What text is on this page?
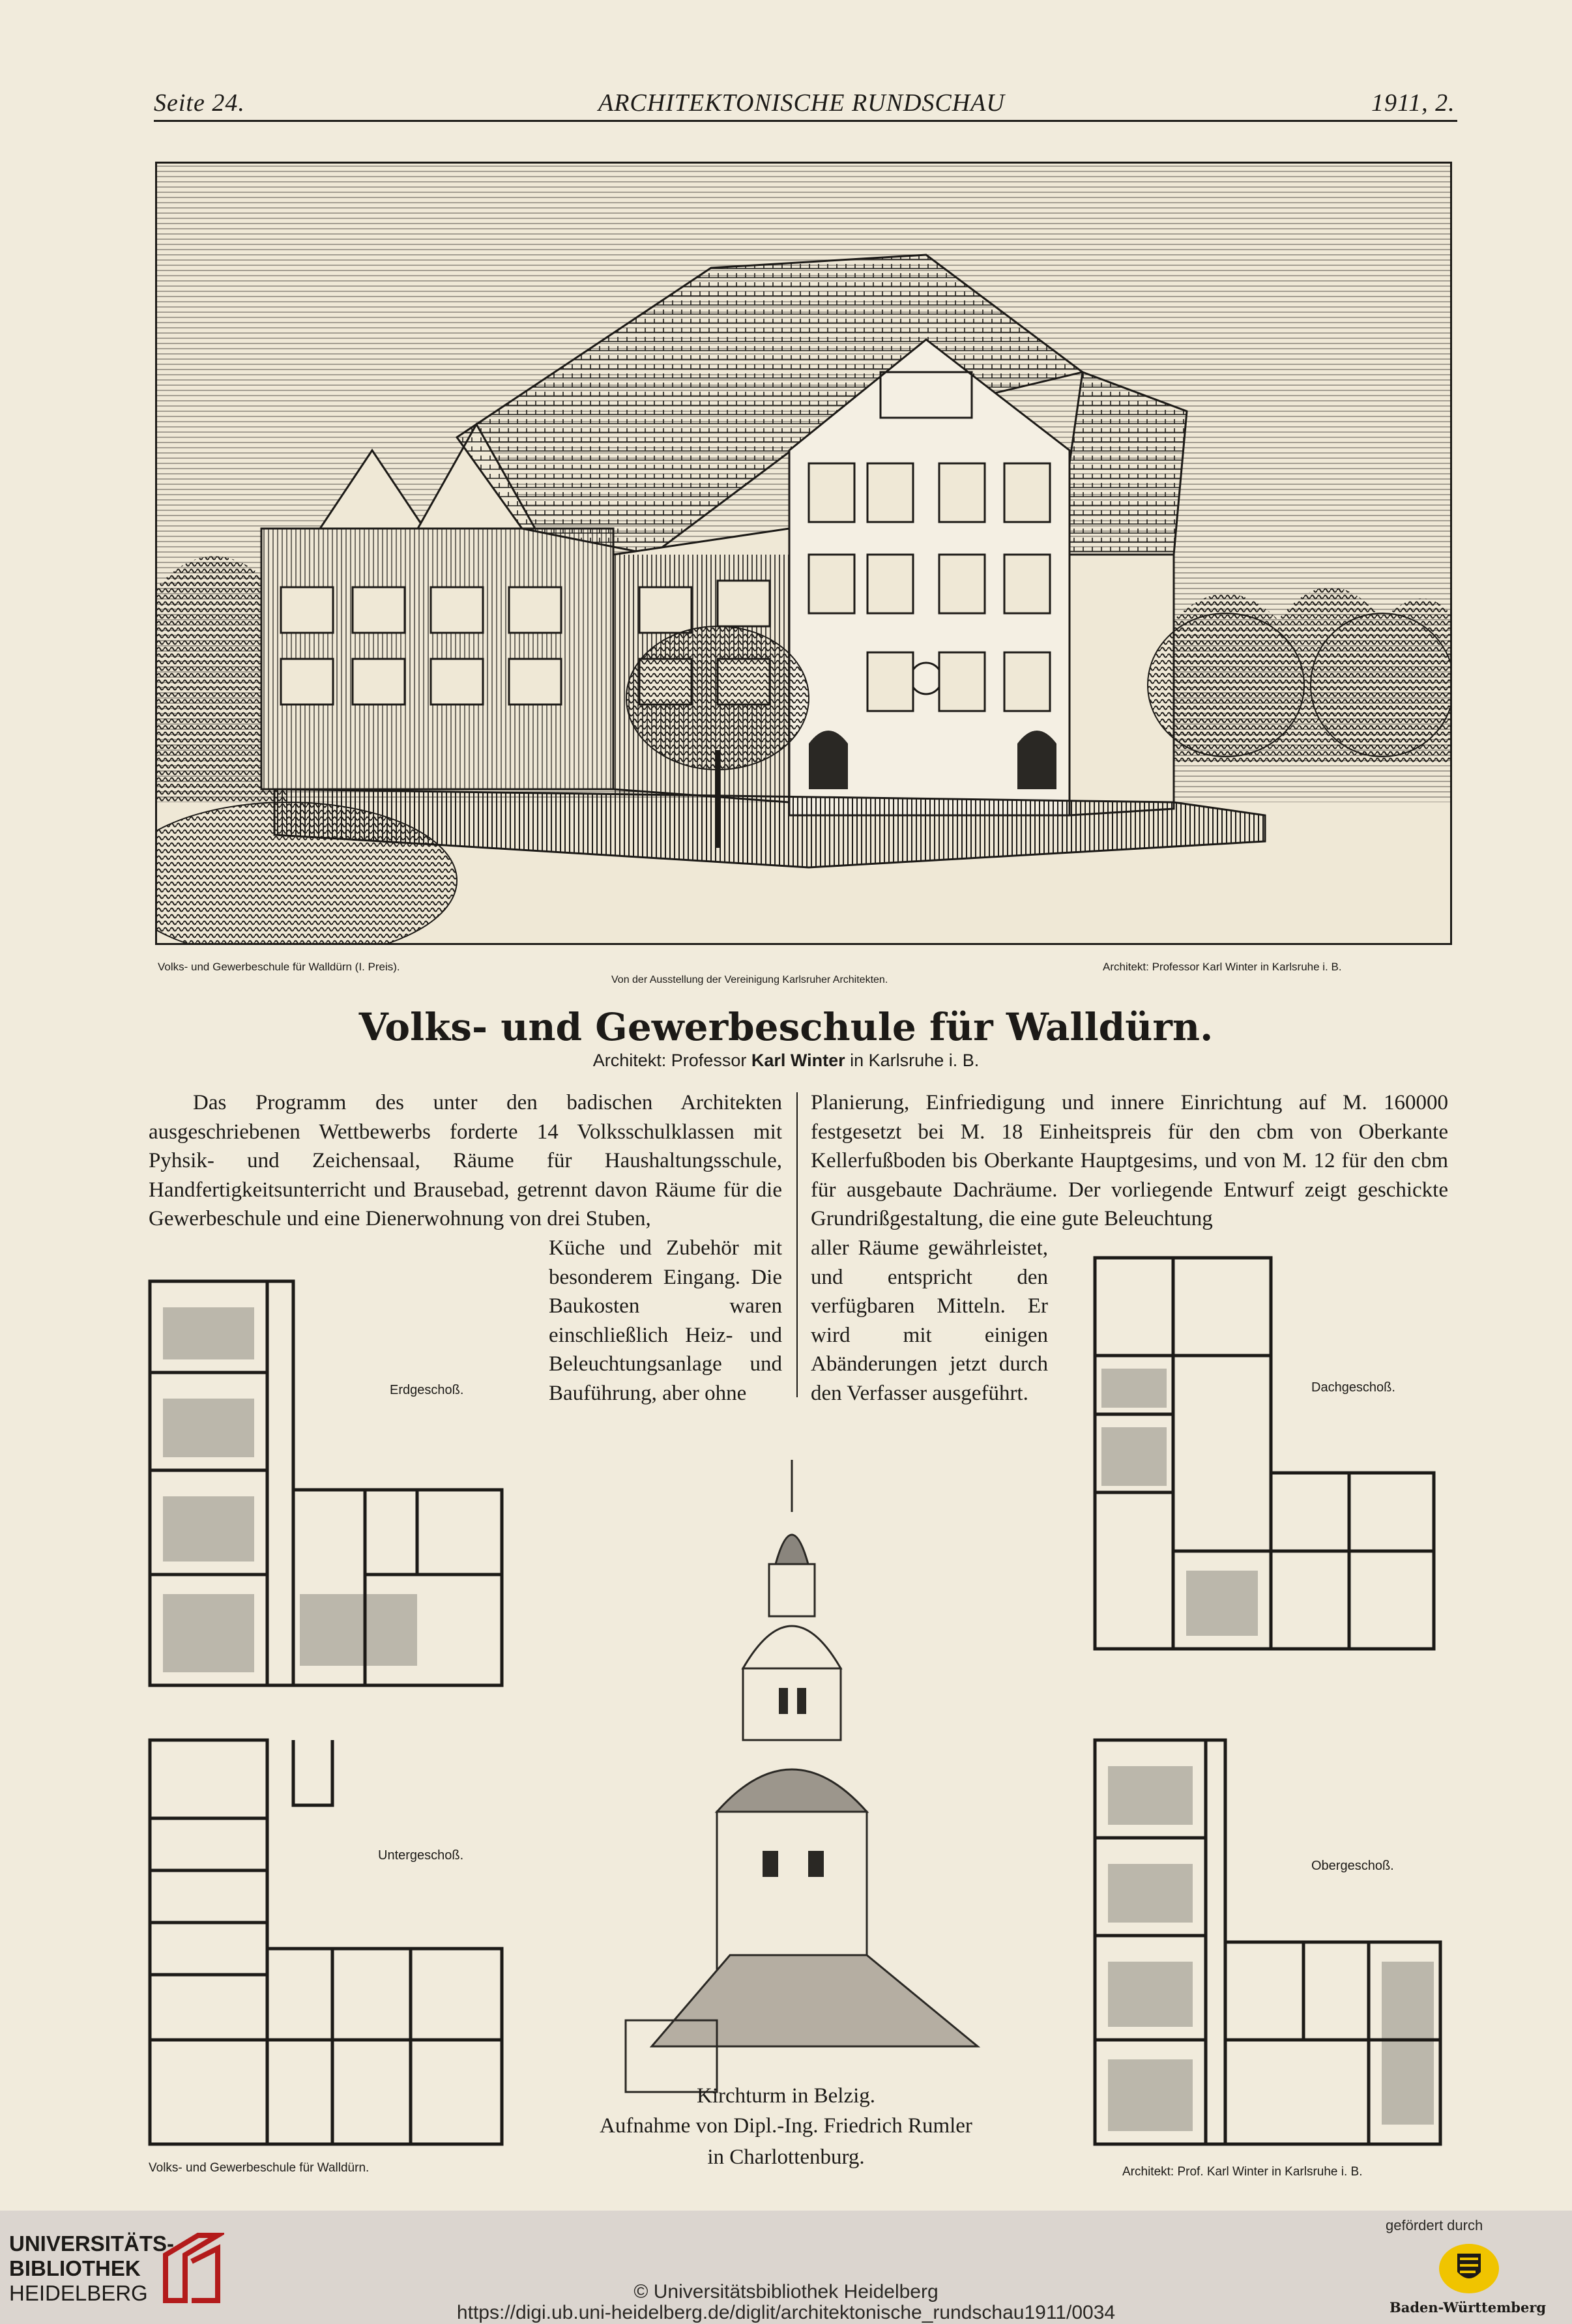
Seite 24.	ARCHITEKTONISCHE RUNDSCHAU	1911, 2.
Volks- und Gewerbeschule für Walldürn (I. Preis).
Von der Ausstellung der Vereinigung Karlsruher Architekten.
Architekt: Professor Karl Winter in Karlsruhe i. B.
Volks- und Gewerbeschule für Walldürn.
Architekt: Professor Karl Winter in Karlsruhe i. B.
Das Programm des unter den badischen Architekten ausgeschriebenen Wettbewerbs forderte 14 Volksschulklassen mit Pyhsik- und Zeichensaal, Räume für Haushaltungsschule, Handfertigkeitsunterricht und Brausebad, getrennt davon Räume für die Gewerbeschule und eine Dienerwohnung von drei Stuben,
Küche und Zubehör mit besonderem Eingang. Die Baukosten waren einschließlich Heiz- und Beleuchtungsanlage und Bauführung, aber ohne
Planierung, Einfriedigung und innere Einrichtung auf M. 160000 festgesetzt bei M. 18 Einheitspreis für den cbm von Oberkante Kellerfußboden bis Oberkante Hauptgesims, und von M. 12 für den cbm für ausgebaute Dachräume. Der vorliegende Entwurf zeigt geschickte Grundrißgestaltung, die eine gute Beleuchtung
aller Räume gewährleistet, und entspricht den verfügbaren Mitteln. Er wird mit einigen Abänderungen jetzt durch den Verfasser ausgeführt.
Erdgeschoß.
Untergeschoß.
Dachgeschoß.
Obergeschoß.
Volks- und Gewerbeschule für Walldürn.	Architekt: Prof. Karl Winter in Karlsruhe i. B.
Kirchturm in Belzig.
Aufnahme von Dipl.-Ing. Friedrich Rumler
in Charlottenburg.
UNIVERSITÄTS-
BIBLIOTHEK
HEIDELBERG	© Universitätsbibliothek Heidelberg
https://digi.ub.uni-heidelberg.de/diglit/architektonische_rundschau1911/0034
gefördert durch
Baden-Württemberg
